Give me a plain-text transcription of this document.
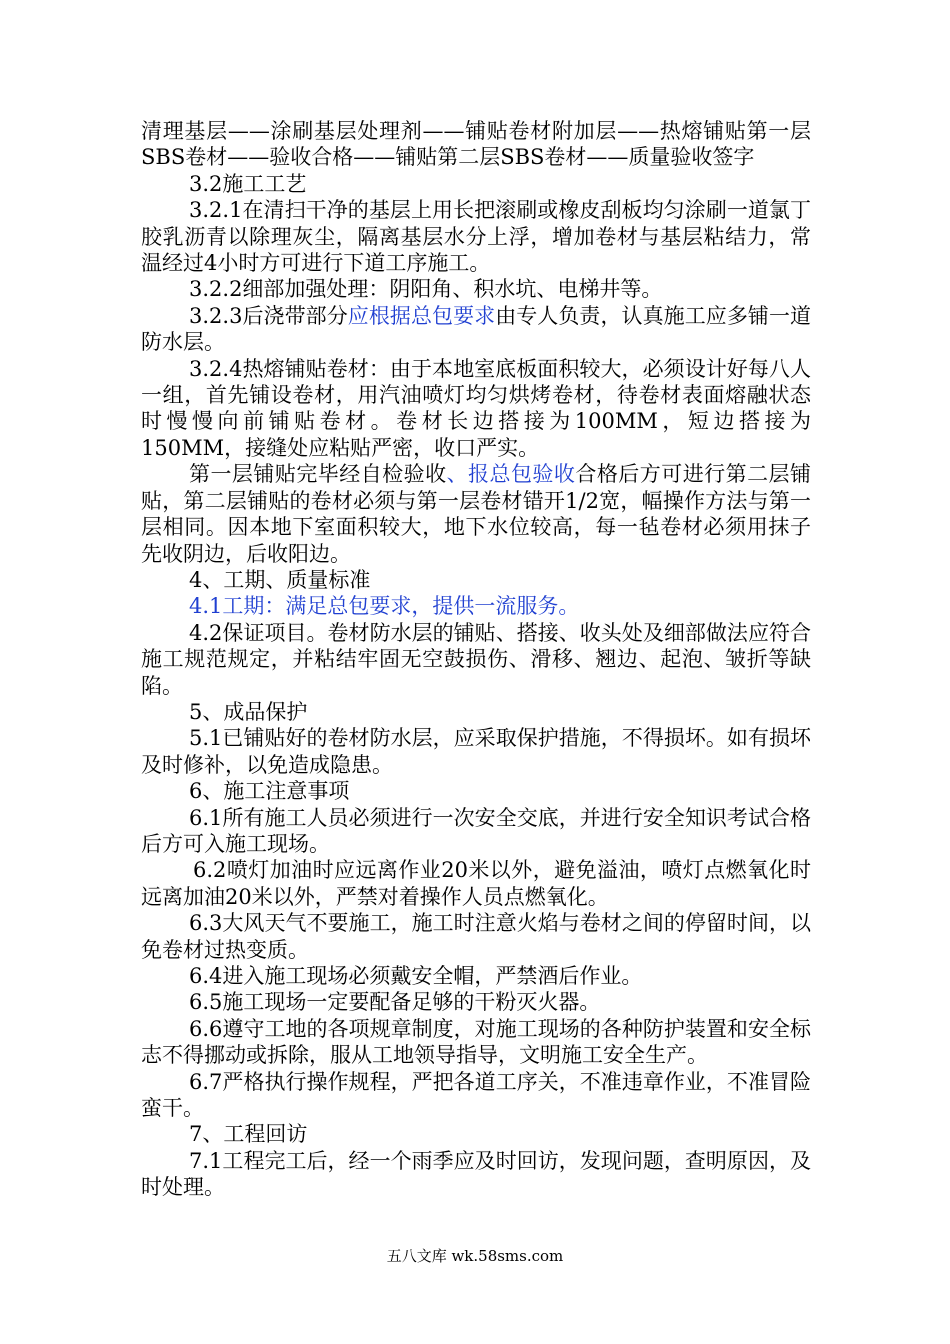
清理基层——涂刷基层处理剂——铺贴卷材附加层——热熔铺贴第一层SBS卷材——验收合格——铺贴第二层SBS卷材——质量验收签字

3.2施工工艺

3.2.1在清扫干净的基层上用长把滚刷或橡皮刮板均匀涂刷一道氯丁胶乳沥青以除理灰尘，隔离基层水分上浮，增加卷材与基层粘结力，常温经过4小时方可进行下道工序施工。

3.2.2细部加强处理：阴阳角、积水坑、电梯井等。

3.2.3后浇带部分应根据总包要求由专人负责，认真施工应多铺一道防水层。

3.2.4热熔铺贴卷材：由于本地室底板面积较大，必须设计好每八人一组，首先铺设卷材，用汽油喷灯均匀烘烤卷材，待卷材表面熔融状态时慢慢向前铺贴卷材。卷材长边搭接为100MM，短边搭接为150MM，接缝处应粘贴严密，收口严实。

第一层铺贴完毕经自检验收、报总包验收合格后方可进行第二层铺贴，第二层铺贴的卷材必须与第一层卷材错开1/2宽，幅操作方法与第一层相同。因本地下室面积较大，地下水位较高，每一毡卷材必须用抹子先收阴边，后收阳边。

4、工期、质量标准

4.1工期：满足总包要求，提供一流服务。

4.2保证项目。卷材防水层的铺贴、搭接、收头处及细部做法应符合施工规范规定，并粘结牢固无空鼓损伤、滑移、翘边、起泡、皱折等缺陷。

5、成品保护

5.1已铺贴好的卷材防水层，应采取保护措施，不得损坏。如有损坏及时修补，以免造成隐患。

6、施工注意事项

6.1所有施工人员必须进行一次安全交底，并进行安全知识考试合格后方可入施工现场。

6.2喷灯加油时应远离作业20米以外，避免溢油，喷灯点燃氧化时远离加油20米以外，严禁对着操作人员点燃氧化。

6.3大风天气不要施工，施工时注意火焰与卷材之间的停留时间，以免卷材过热变质。

6.4进入施工现场必须戴安全帽，严禁酒后作业。

6.5施工现场一定要配备足够的干粉灭火器。

6.6遵守工地的各项规章制度，对施工现场的各种防护装置和安全标志不得挪动或拆除，服从工地领导指导，文明施工安全生产。

6.7严格执行操作规程，严把各道工序关，不准违章作业，不准冒险蛮干。

7、工程回访

7.1工程完工后，经一个雨季应及时回访，发现问题，查明原因，及时处理。

五八文库 wk.58sms.com
